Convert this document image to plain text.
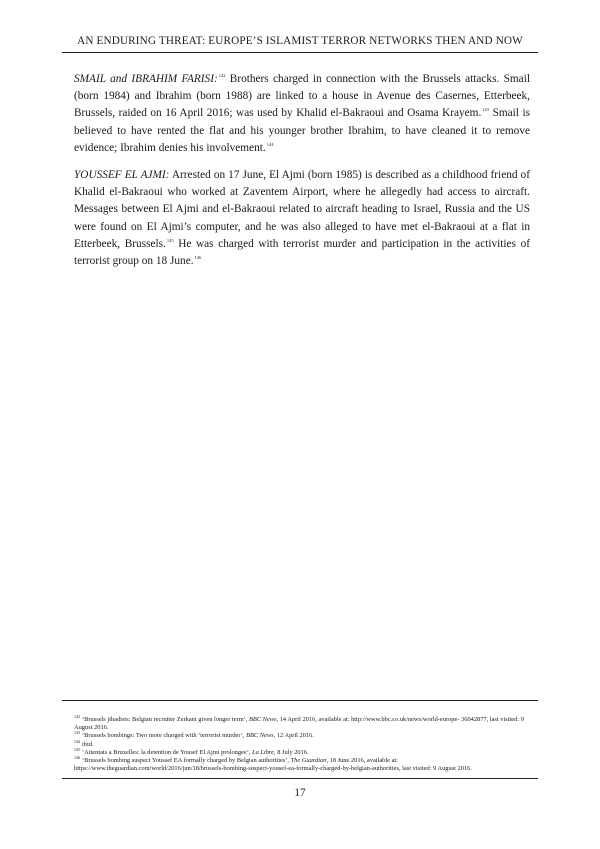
AN ENDURING THREAT: EUROPE’S ISLAMIST TERROR NETWORKS THEN AND NOW

SMAIL and IBRAHIM FARISI:$^{142}$ Brothers charged in connection with the Brussels attacks. Smail (born 1984) and Ibrahim (born 1988) are linked to a house in Avenue des Casernes, Etterbeek, Brussels, raided on 16 April 2016; was used by Khalid el-Bakraoui and Osama Krayem.$^{143}$ Smail is believed to have rented the flat and his younger brother Ibrahim, to have cleaned it to remove evidence; Ibrahim denies his involvement.$^{144}$

YOUSSEF EL AJMI: Arrested on 17 June, El Ajmi (born 1985) is described as a childhood friend of Khalid el-Bakraoui who worked at Zaventem Airport, where he allegedly had access to aircraft. Messages between El Ajmi and el-Bakraoui related to aircraft heading to Israel, Russia and the US were found on El Ajmi’s computer, and he was also alleged to have met el-Bakraoui at a flat in Etterbeek, Brussels.$^{145}$ He was charged with terrorist murder and participation in the activities of terrorist group on 18 June.$^{146}$

$^{142}$ ‘Brussels jihadists: Belgian recruiter Zerkani given longer term’, BBC News, 14 April 2016, available at: http://www.bbc.co.uk/news/world-europe- 36042877, last visited: 9 August 2016.

$^{143}$ ‘Brussels bombings: Two more charged with ‘terrorist murder’, BBC News, 12 April 2016.

$^{144}$ ibid.

$^{145}$ ‘Attentats a Bruxelles: la detention de Yousef El Ajmi prolongee’, La Libre, 8 July 2016.

$^{146}$ ‘Brussels bombing suspect Youssef EA formally charged by Belgian authorities’, The Guardian, 18 June 2016, available at: https://www.theguardian.com/world/2016/jun/18/brussels-bombing-suspect-yousef-ea-formally-charged-by-belgian-authorities, last visited: 9 August 2016.

17
